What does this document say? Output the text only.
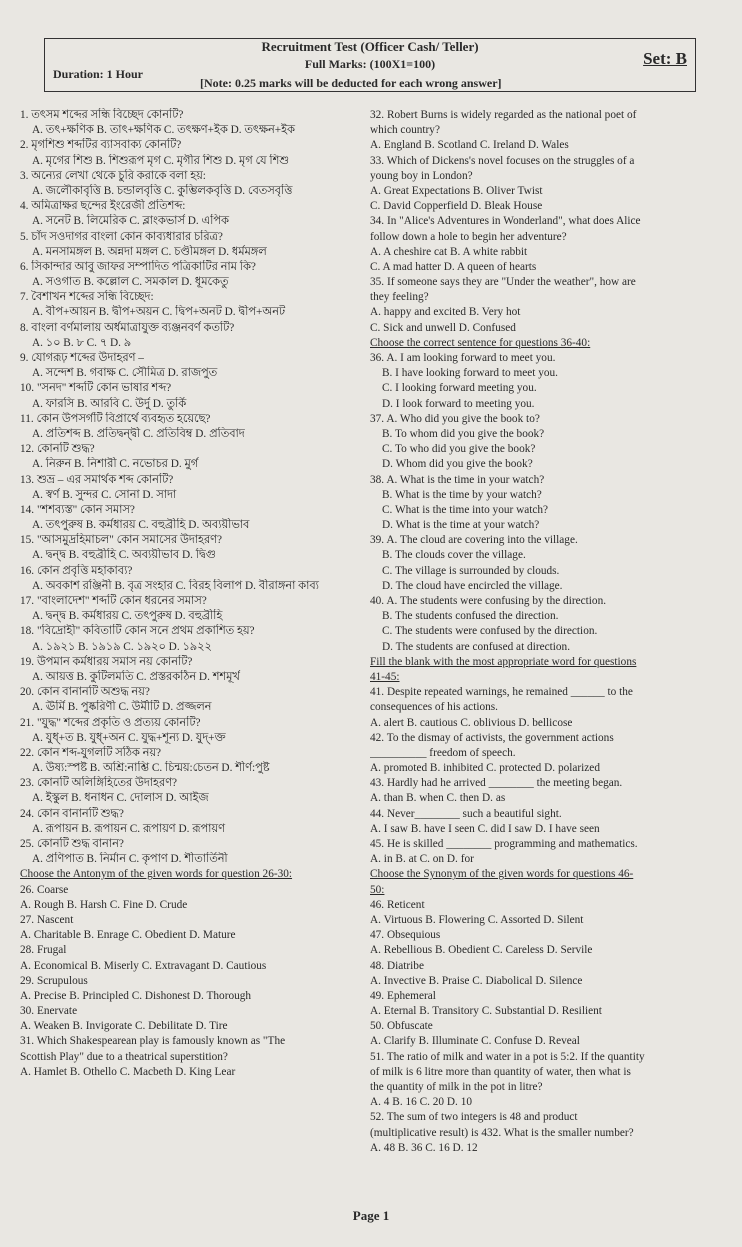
Recruitment Test (Officer Cash/ Teller)
Full Marks: (100X1=100)
Duration: 1 Hour
[Note: 0.25 marks will be deducted for each wrong answer]
Set: B
1. তৎসম শব্দের সন্ধি বিচ্ছেদ কোনটি?
A. তৎ+ক্ষণিক B. তাৎ+ক্ষণিক C. তৎক্ষণ+ইক D. তৎক্ষন+ইক
2. মৃগশিশু শব্দটির ব্যাসবাক্য কোনটি?
A. মৃগের শিশু B. শিশুরূপ মৃগ C. মৃগীর শিশু D. মৃগ যে শিশু
3. অন্যের লেখা থেকে চুরি করাকে বলা হয়:
A. জলৌকাবৃত্তি B. চন্ডালবৃত্তি C. কুম্ভিলকবৃত্তি D. বেতসবৃত্তি
4. অমিত্রাক্ষর ছন্দের ইংরেজী প্রতিশব্দ:
A. সনেট B. লিমেরিক C. ব্লাংকভার্স D. এপিক
5. চাঁদ সওদাগর বাংলা কোন কাব্যধারার চরিত্র?
A. মনসামঙ্গল B. অন্নদা মঙ্গল C. চণ্ডীমঙ্গল D. ধর্মমঙ্গল
6. সিকান্দার আবু জাফর সম্পাদিত পত্রিকাটির নাম কি?
A. সওগাত B. কল্লোল C. সমকাল D. ধূমকেতু
7. বৈশাখন শব্দের সন্ধি বিচ্ছেদ:
A. বীপ+আয়ন B. দ্বীপ+অয়ন C. দ্বিপ+অনট D. দ্বীপ+অনট
8. বাংলা বর্ণমালায় অর্ধমাত্রাযুক্ত ব্যঞ্জনবর্ণ কতটি?
A. ১০ B. ৮ C. ৭ D. ৯
9. যোগরূঢ় শব্দের উদাহরণ –
A. সন্দেশ B. গবাক্ষ C. সৌমিত্র D. রাজপুত
10. "সনদ" শব্দটি কোন ভাষার শব্দ?
A. ফারসি B. আরবি C. উর্দু D. তুর্কি
11. কোন উপসর্গটি বিপ্রার্থে ব্যবহৃত হয়েছে?
A. প্রতিশব্দ B. প্রতিদ্বন্দ্বী C. প্রতিবিম্ব D. প্রতিবাদ
12. কোনটি শুদ্ধ?
A. নিরুন B. নিশারী C. নভোচর D. মুর্গ
13. শুভ্র – এর সমার্থক শব্দ কোনটি?
A. স্বর্ণ B. সুন্দর C. সোনা D. সাদা
14. "শশব্যস্ত" কোন সমাস?
A. তৎপুরুষ B. কর্মধারয় C. বহুব্রীহি D. অব্যয়ীভাব
15. "আসমুদ্রহিমাচল" কোন সমাসের উদাহরণ?
A. দ্বন্দ্ব B. বহুব্রীহি C. অব্যয়ীভাব D. দ্বিগু
16. কোন প্রবৃত্তি মহাকাব্য?
A. অবকাশ রঞ্জিনী B. বৃত্র সংহার C. বিরহ বিলাপ D. বীরাঙ্গনা কাব্য
17. "বাংলাদেশ" শব্দটি কোন ধরনের সমাস?
A. দ্বন্দ্ব B. কর্মধারয় C. তৎপুরুষ D. বহুব্রীহি
18. "বিদ্রোহী" কবিতাটি কোন সনে প্রথম প্রকাশিত হয়?
A. ১৯২১ B. ১৯১৯ C. ১৯২০ D. ১৯২২
19. উপমান কর্মধারয় সমাস নয় কোনটি?
A. আয়ত্ত B. কুটিলমতি C. প্রস্তরকঠিন D. শশমূর্খ
20. কোন বানানটি অশুদ্ধ নয়?
A. ঊর্মি B. পুষ্করিণী C. উর্মীটি D. প্রজ্জলন
21. "যুদ্ধ" শব্দের প্রকৃতি ও প্রত্যয় কোনটি?
A. যুধ্+ত B. যুধ্+অন C. যুদ্ধ+শূন্য D. যুদ্+ক্ত
22. কোন শব্দ-যুগলটি সঠিক নয়?
A. উষ্য:স্পষ্ট B. অশ্রি:নাশ্তি C. চিন্ময়:চেতন D. শীর্ণ:পুষ্ট
23. কোনটি অলিঙ্গিহিতের উদাহরণ?
A. ইস্কুল B. ধনাধন C. দোলাস D. আইজ
24. কোন বানানটি শুদ্ধ?
A. রূপায়ন B. রূপায়ন C. রূপায়ণ D. রূপায়ণ
25. কোনটি শুদ্ধ বানান?
A. প্রণিপাত B. নির্মান C. কৃপাণ D. শীতার্তিনী
Choose the Antonym of the given words for question 26-30:
26. Coarse
A. Rough B. Harsh C. Fine D. Crude
27. Nascent
A. Charitable B. Enrage C. Obedient D. Mature
28. Frugal
A. Economical B. Miserly C. Extravagant D. Cautious
29. Scrupulous
A. Precise B. Principled C. Dishonest D. Thorough
30. Enervate
A. Weaken B. Invigorate C. Debilitate D. Tire
31. Which Shakespearean play is famously known as "The
Scottish Play" due to a theatrical superstition?
A. Hamlet B. Othello C. Macbeth D. King Lear
32. Robert Burns is widely regarded as the national poet of
which country?
A. England B. Scotland C. Ireland D. Wales
33. Which of Dickens's novel focuses on the struggles of a
young boy in London?
A. Great Expectations B. Oliver Twist
C. David Copperfield D. Bleak House
34. In "Alice's Adventures in Wonderland", what does Alice
follow down a hole to begin her adventure?
A. A cheshire cat B. A white rabbit
C. A mad hatter D. A queen of hearts
35. If someone says they are "Under the weather", how are
they feeling?
A. happy and excited B. Very hot
C. Sick and unwell D. Confused
Choose the correct sentence for questions 36-40:
36. A. I am looking forward to meet you.
B. I have looking forward to meet you.
C. I looking forward meeting you.
D. I look forward to meeting you.
37. A. Who did you give the book to?
B. To whom did you give the book?
C. To who did you give the book?
D. Whom did you give the book?
38. A. What is the time in your watch?
B. What is the time by your watch?
C. What is the time into your watch?
D. What is the time at your watch?
39. A. The cloud are covering into the village.
B. The clouds cover the village.
C. The village is surrounded by clouds.
D. The cloud have encircled the village.
40. A. The students were confusing by the direction.
B. The students confused the direction.
C. The students were confused by the direction.
D. The students are confused at direction.
Fill the blank with the most appropriate word for questions
41-45:
41. Despite repeated warnings, he remained ______ to the
consequences of his actions.
A. alert B. cautious C. oblivious D. bellicose
42. To the dismay of activists, the government actions
__________ freedom of speech.
A. promoted B. inhibited C. protected D. polarized
43. Hardly had he arrived ________ the meeting began.
A. than B. when C. then D. as
44. Never________ such a beautiful sight.
A. I saw B. have I seen C. did I saw D. I have seen
45. He is skilled ________ programming and mathematics.
A. in B. at C. on D. for
Choose the Synonym of the given words for questions 46-
50:
46. Reticent
A. Virtuous B. Flowering C. Assorted D. Silent
47. Obsequious
A. Rebellious B. Obedient C. Careless D. Servile
48. Diatribe
A. Invective B. Praise C. Diabolical D. Silence
49. Ephemeral
A. Eternal B. Transitory C. Substantial D. Resilient
50. Obfuscate
A. Clarify B. Illuminate C. Confuse D. Reveal
51. The ratio of milk and water in a pot is 5:2. If the quantity
of milk is 6 litre more than quantity of water, then what is
the quantity of milk in the pot in litre?
A. 4 B. 16 C. 20 D. 10
52. The sum of two integers is 48 and product
(multiplicative result) is 432. What is the smaller number?
A. 48 B. 36 C. 16 D. 12
Page 1
